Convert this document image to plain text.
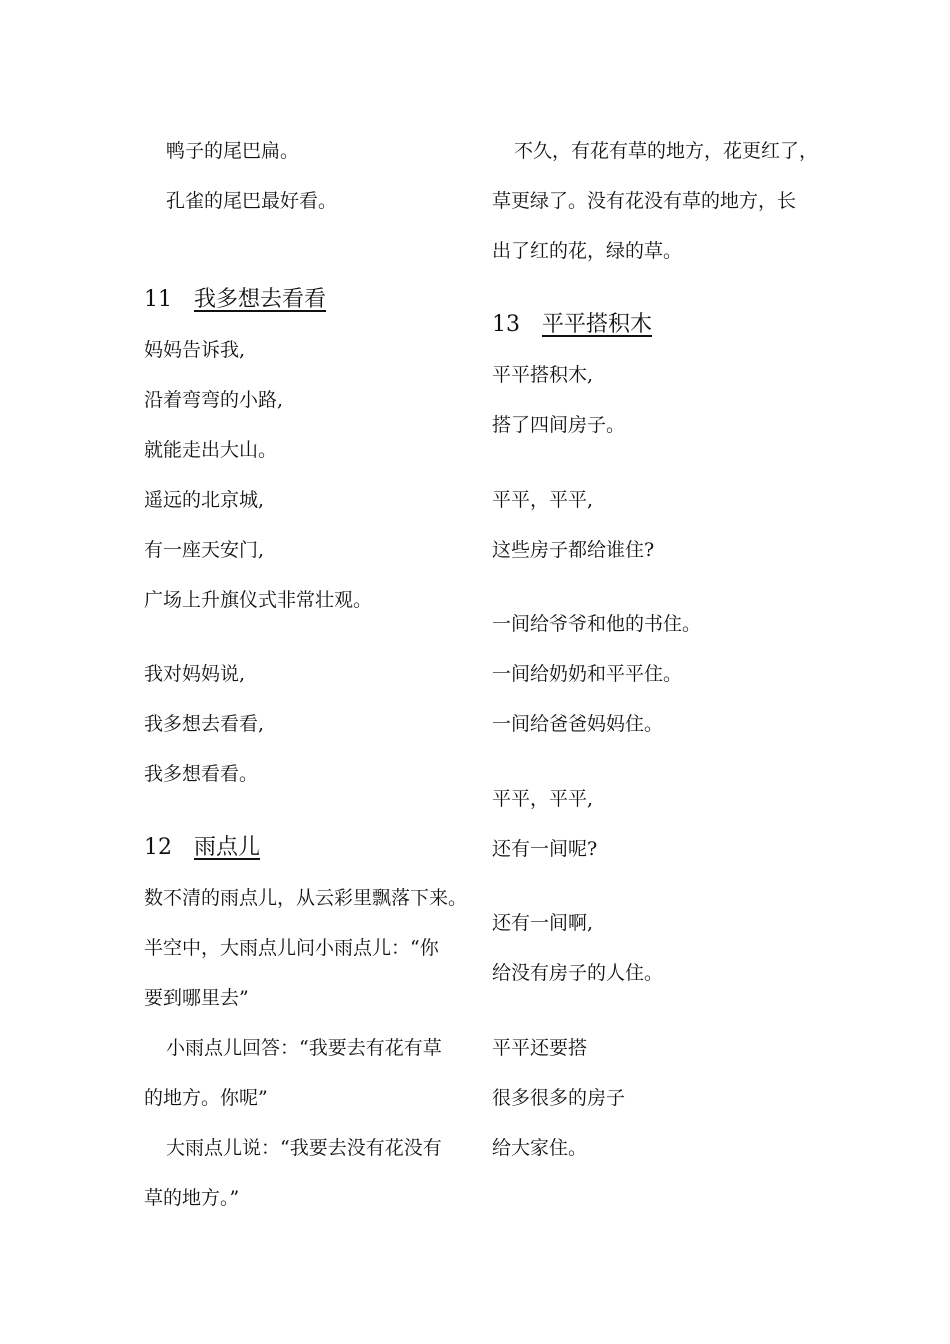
鸭子的尾巴扁。
孔雀的尾巴最好看。
11 我多想去看看
妈妈告诉我,
沿着弯弯的小路,
就能走出大山。
遥远的北京城,
有一座天安门,
广场上升旗仪式非常壮观。
我对妈妈说,
我多想去看看,
我多想看看。
12 雨点儿
数不清的雨点儿，从云彩里飘落下来。
半空中，大雨点儿问小雨点儿：“你
要到哪里去”
小雨点儿回答：“我要去有花有草
的地方。你呢”
大雨点儿说：“我要去没有花没有
草的地方。”
不久，有花有草的地方，花更红了，
草更绿了。没有花没有草的地方，长
出了红的花，绿的草。
13 平平搭积木
平平搭积木,
搭了四间房子。
平平，平平,
这些房子都给谁住?
一间给爷爷和他的书住。
一间给奶奶和平平住。
一间给爸爸妈妈住。
平平，平平,
还有一间呢?
还有一间啊,
给没有房子的人住。
平平还要搭
很多很多的房子
给大家住。
